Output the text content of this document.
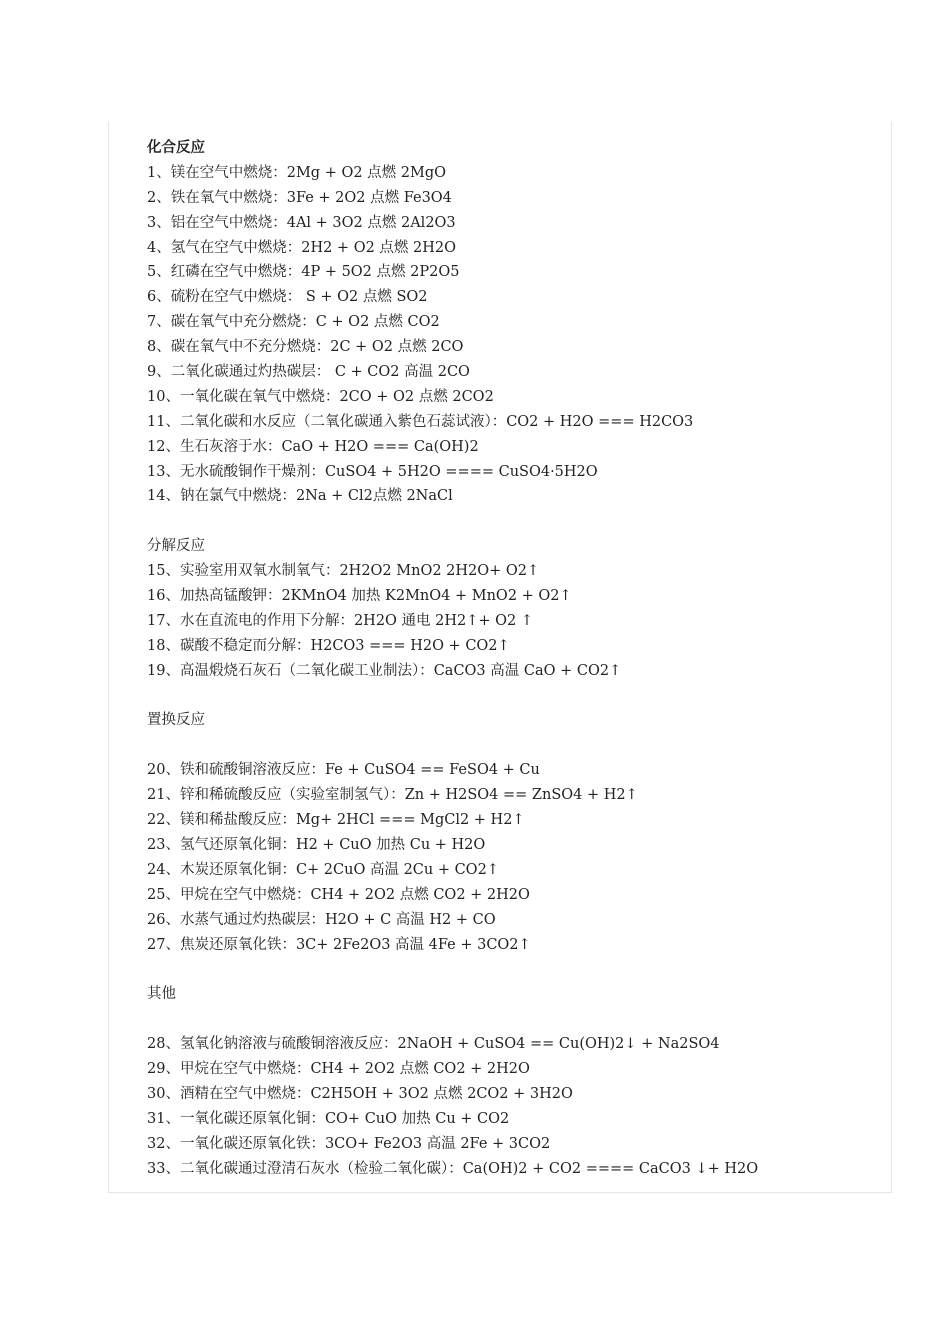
化合反应
1、镁在空气中燃烧：2Mg + O2 点燃 2MgO
2、铁在氧气中燃烧：3Fe + 2O2 点燃 Fe3O4
3、铝在空气中燃烧：4Al + 3O2 点燃 2Al2O3
4、氢气在空气中燃烧：2H2 + O2 点燃 2H2O
5、红磷在空气中燃烧：4P + 5O2 点燃 2P2O5
6、硫粉在空气中燃烧： S + O2 点燃 SO2
7、碳在氧气中充分燃烧：C + O2 点燃 CO2
8、碳在氧气中不充分燃烧：2C + O2 点燃 2CO
9、二氧化碳通过灼热碳层： C + CO2 高温 2CO
10、一氧化碳在氧气中燃烧：2CO + O2 点燃 2CO2
11、二氧化碳和水反应（二氧化碳通入紫色石蕊试液）：CO2 + H2O === H2CO3
12、生石灰溶于水：CaO + H2O === Ca(OH)2
13、无水硫酸铜作干燥剂：CuSO4 + 5H2O ==== CuSO4·5H2O
14、钠在氯气中燃烧：2Na + Cl2点燃 2NaCl
分解反应
15、实验室用双氧水制氧气：2H2O2 MnO2 2H2O+ O2↑
16、加热高锰酸钾：2KMnO4 加热 K2MnO4 + MnO2 + O2↑
17、水在直流电的作用下分解：2H2O 通电 2H2↑+ O2 ↑
18、碳酸不稳定而分解：H2CO3 === H2O + CO2↑
19、高温煅烧石灰石（二氧化碳工业制法）：CaCO3 高温 CaO + CO2↑
置换反应
20、铁和硫酸铜溶液反应：Fe + CuSO4 == FeSO4 + Cu
21、锌和稀硫酸反应（实验室制氢气）：Zn + H2SO4 == ZnSO4 + H2↑
22、镁和稀盐酸反应：Mg+ 2HCl === MgCl2 + H2↑
23、氢气还原氧化铜：H2 + CuO 加热 Cu + H2O
24、木炭还原氧化铜：C+ 2CuO 高温 2Cu + CO2↑
25、甲烷在空气中燃烧：CH4 + 2O2 点燃 CO2 + 2H2O
26、水蒸气通过灼热碳层：H2O + C 高温 H2 + CO
27、焦炭还原氧化铁：3C+ 2Fe2O3 高温 4Fe + 3CO2↑
其他
28、氢氧化钠溶液与硫酸铜溶液反应：2NaOH + CuSO4 == Cu(OH)2↓ + Na2SO4
29、甲烷在空气中燃烧：CH4 + 2O2 点燃 CO2 + 2H2O
30、酒精在空气中燃烧：C2H5OH + 3O2 点燃 2CO2 + 3H2O
31、一氧化碳还原氧化铜：CO+ CuO 加热 Cu + CO2
32、一氧化碳还原氧化铁：3CO+ Fe2O3 高温 2Fe + 3CO2
33、二氧化碳通过澄清石灰水（检验二氧化碳）：Ca(OH)2 + CO2 ==== CaCO3 ↓+ H2O
